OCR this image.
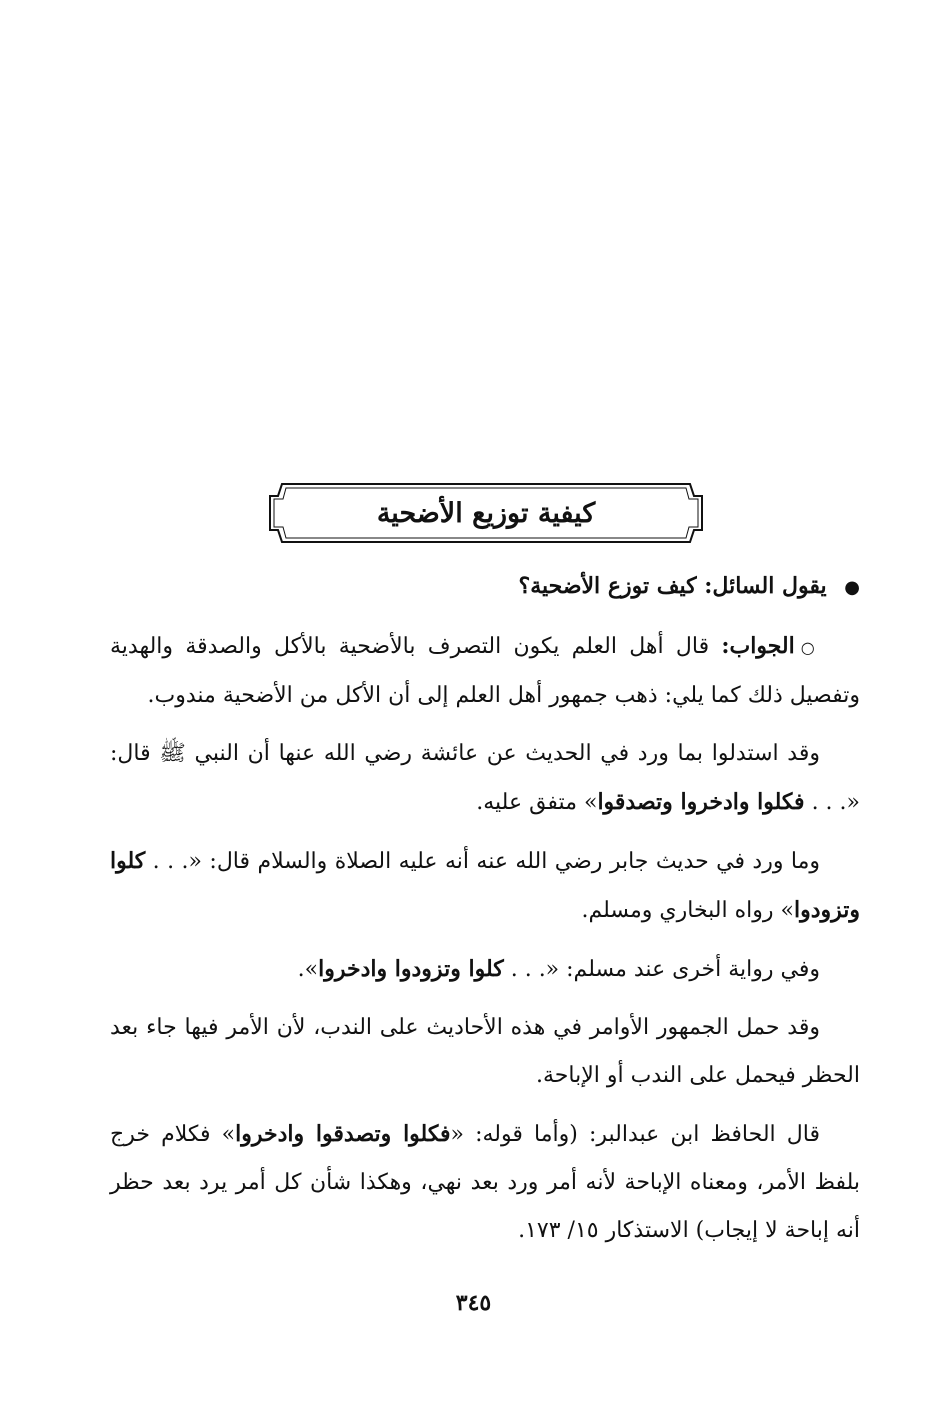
كيفية توزيع الأضحية
● يقول السائل: كيف توزع الأضحية؟

○الجواب: قال أهل العلم يكون التصرف بالأضحية بالأكل والصدقة والهدية وتفصيل ذلك كما يلي: ذهب جمهور أهل العلم إلى أن الأكل من الأضحية مندوب.

وقد استدلوا بما ورد في الحديث عن عائشة رضي الله عنها أن النبي ﷺ قال: «. . . فكلوا وادخروا وتصدقوا» متفق عليه.

وما ورد في حديث جابر رضي الله عنه أنه عليه الصلاة والسلام قال: «. . . كلوا وتزودوا» رواه البخاري ومسلم.

وفي رواية أخرى عند مسلم: «. . . كلوا وتزودوا وادخروا».

وقد حمل الجمهور الأوامر في هذه الأحاديث على الندب، لأن الأمر فيها جاء بعد الحظر فيحمل على الندب أو الإباحة.

قال الحافظ ابن عبدالبر: (وأما قوله: «فكلوا وتصدقوا وادخروا» فكلام خرج بلفظ الأمر، ومعناه الإباحة لأنه أمر ورد بعد نهي، وهكذا شأن كل أمر يرد بعد حظر أنه إباحة لا إيجاب) الاستذكار ١٥/ ١٧٣.

٣٤٥
